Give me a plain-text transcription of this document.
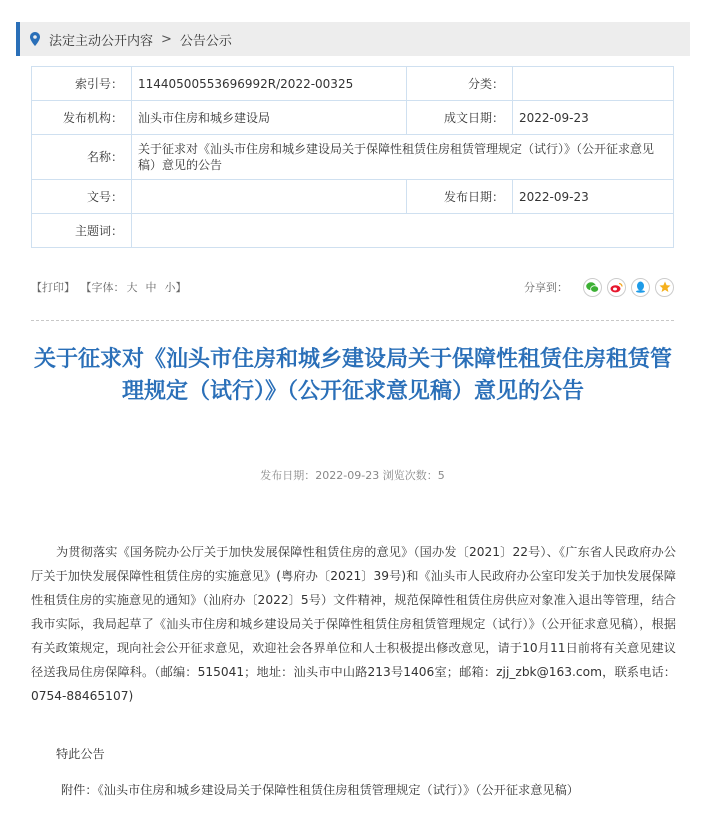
法定主动公开内容 > 公告公示
索引号：	11440500553696992R/2022-00325	分类：	
发布机构：	汕头市住房和城乡建设局	成文日期：	2022-09-23
名称：	关于征求对《汕头市住房和城乡建设局关于保障性租赁住房租赁管理规定（试行）》（公开征求意见稿）意见的公告		
文号：		发布日期：	2022-09-23
主题词：			
【打印】 【字体： 大 中 小】	分享到：
关于征求对《汕头市住房和城乡建设局关于保障性租赁住房租赁管理规定（试行）》（公开征求意见稿）意见的公告
发布日期：2022-09-23 浏览次数：5

为贯彻落实《国务院办公厅关于加快发展保障性租赁住房的意见》（国办发〔2021〕22号）、《广东省人民政府办公厅关于加快发展保障性租赁住房的实施意见》(粤府办〔2021〕39号)和《汕头市人民政府办公室印发关于加快发展保障性租赁住房的实施意见的通知》（汕府办〔2022〕5号）文件精神，规范保障性租赁住房供应对象准入退出等管理，结合我市实际，我局起草了《汕头市住房和城乡建设局关于保障性租赁住房租赁管理规定（试行）》（公开征求意见稿），根据有关政策规定，现向社会公开征求意见，欢迎社会各界单位和人士积极提出修改意见，请于10月11日前将有关意见建议径送我局住房保障科。（邮编：515041；地址：汕头市中山路213号1406室；邮箱：zjj_zbk@163.com，联系电话：0754-88465107)

特此公告
附件：《汕头市住房和城乡建设局关于保障性租赁住房租赁管理规定（试行）》（公开征求意见稿）
